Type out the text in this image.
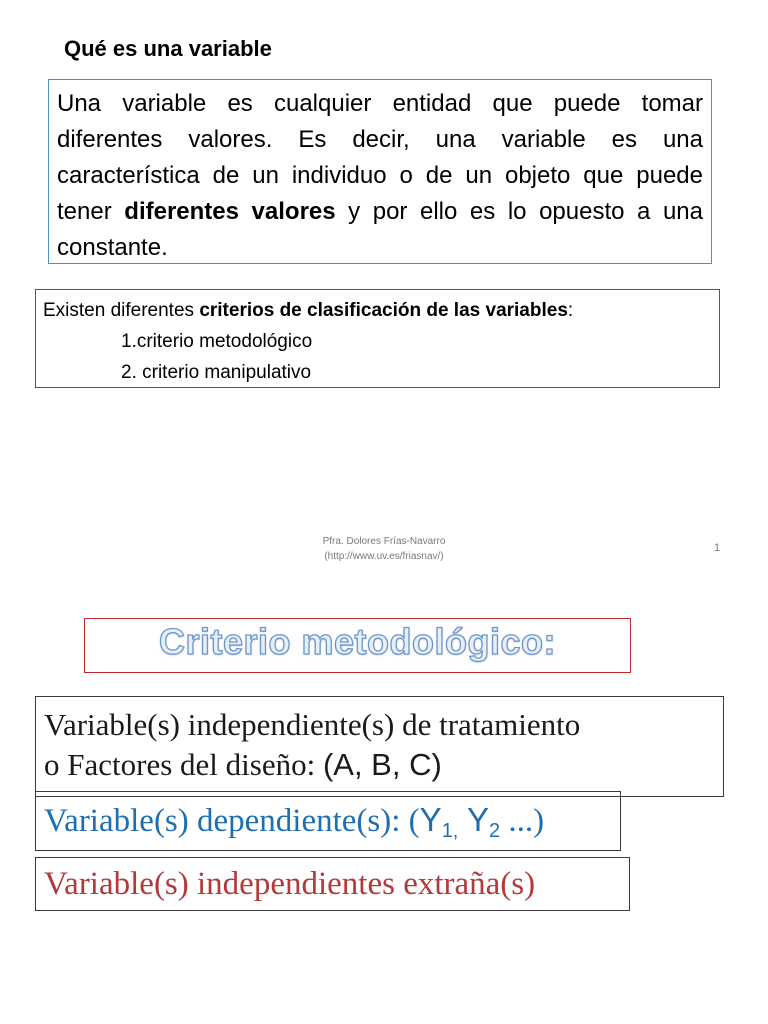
Qué es una variable
Una variable es cualquier entidad que puede tomar diferentes valores. Es decir, una variable es una característica de un individuo o de un objeto que puede tener diferentes valores y por ello es lo opuesto a una constante.
Existen diferentes criterios de clasificación de las variables:
1.criterio metodológico
2. criterio manipulativo
Pfra. Dolores Frías-Navarro
(http://www.uv.es/friasnav/)
1
Criterio metodológico:
Variable(s) independiente(s) de tratamiento
o Factores del diseño: (A, B, C)
Variable(s) dependiente(s): ($Y_{1,}$ $Y_2$ ...)
Variable(s) independientes extraña(s)
